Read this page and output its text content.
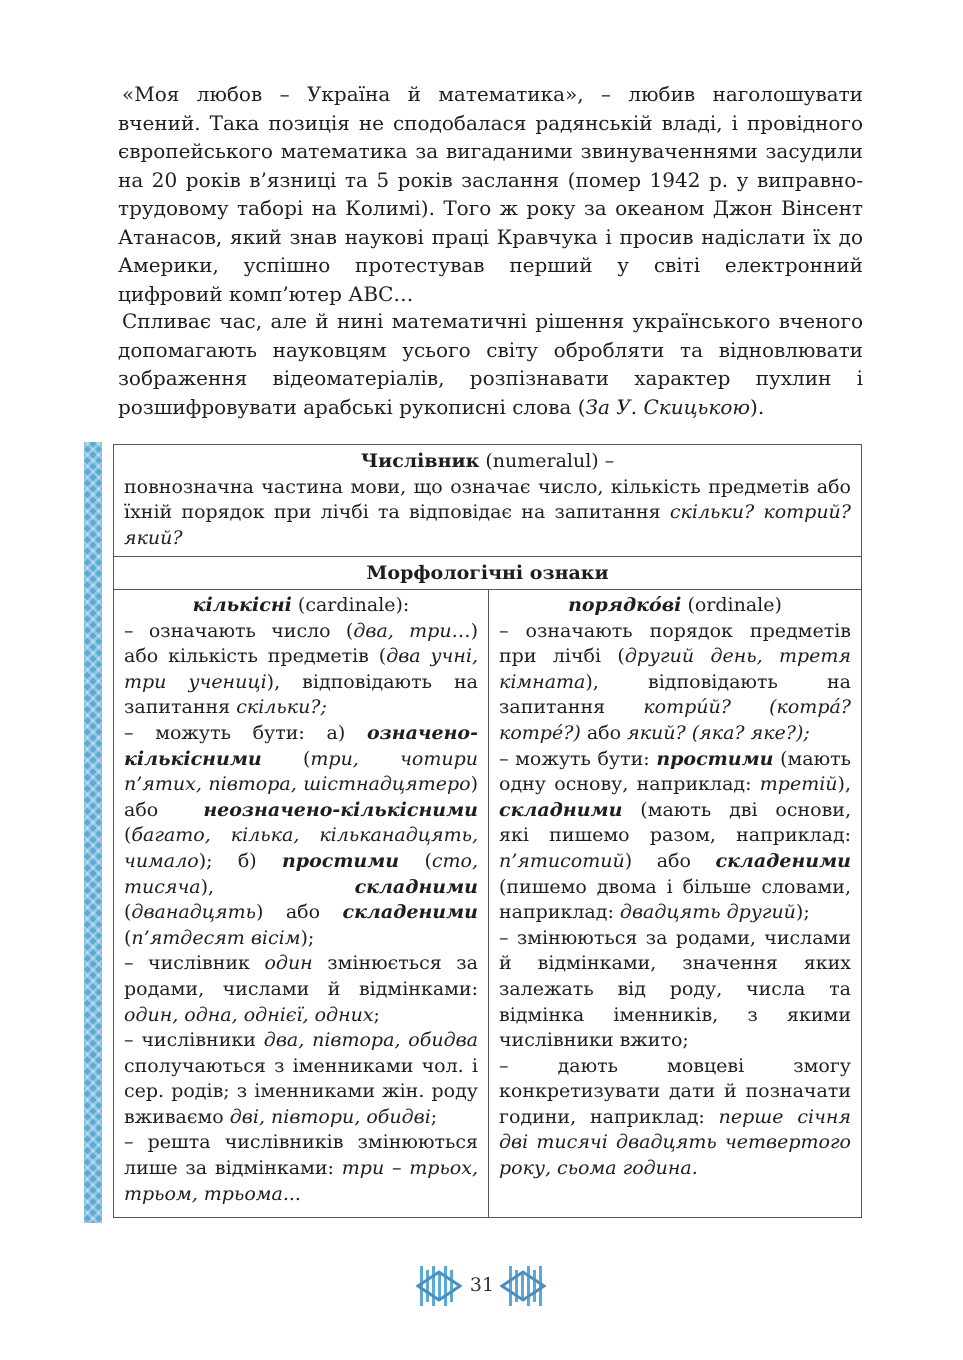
«Моя любов – Україна й математика», – любив наголошувати вчений. Така позиція не сподобалася радянській владі, і провідного європейського математика за вигаданими звинуваченнями засудили на 20 років в’язниці та 5 років заслання (помер 1942 р. у виправно-трудовому таборі на Колимі). Того ж року за океаном Джон Вінсент Атанасов, який знав наукові праці Кравчука і просив надіслати їх до Америки, успішно протестував перший у світі електронний цифровий комп’ютер АВС…

Спливає час, але й нині математичні рішення українського вченого допомагають науковцям усього світу обробляти та відновлювати зображення відеоматеріалів, розпізнавати характер пухлин і розшифровувати арабські рукописні слова (За У. Скицькою).

Числівник (numeralul) –
повнозначна частина мови, що означає число, кількість предметів або їхній порядок при лічбі та відповідає на запитання скільки? котрий? який?
Морфологічні ознаки
кількісні (cardinale):
– означають число (два, три…) або кількість предметів (два учні, три учениці), відповідають на запитання скільки?;
– можуть бути: а) означено-кількісними (три, чотири п’ятих, півтора, шістнадцятеро) або неозначено-кількісними (багато, кілька, кільканадцять, чимало); б) простими (сто, тисяча), складними (дванадцять) або складеними (п’ятдесят вісім);
– числівник один змінюється за родами, числами й відмінками: один, одна, однієї, одних;
– числівники два, півтора, обидва сполучаються з іменниками чол. і сер. родів; з іменниками жін. роду вживаємо дві, півтори, обидві;
– решта числівників змінюються лише за відмінками: три – трьох, трьом, трьома...
порядко́ві (ordinale)
– означають порядок предметів при лічбі (другий день, третя кімната), відповідають на запитання котри́й? (котра́? котре́?) або який? (яка? яке?);
– можуть бути: простими (мають одну основу, наприклад: третій), складними (мають дві основи, які пишемо разом, наприклад: п’ятисотий) або складеними (пишемо двома і більше словами, наприклад: двадцять другий);
– змінюються за родами, числами й відмінками, значення яких залежать від роду, числа та відмінка іменників, з якими числівники вжито;
– дають мовцеві змогу конкретизувати дати й позначати години, наприклад: перше січня дві тисячі двадцять четвертого року, сьома година.
31
